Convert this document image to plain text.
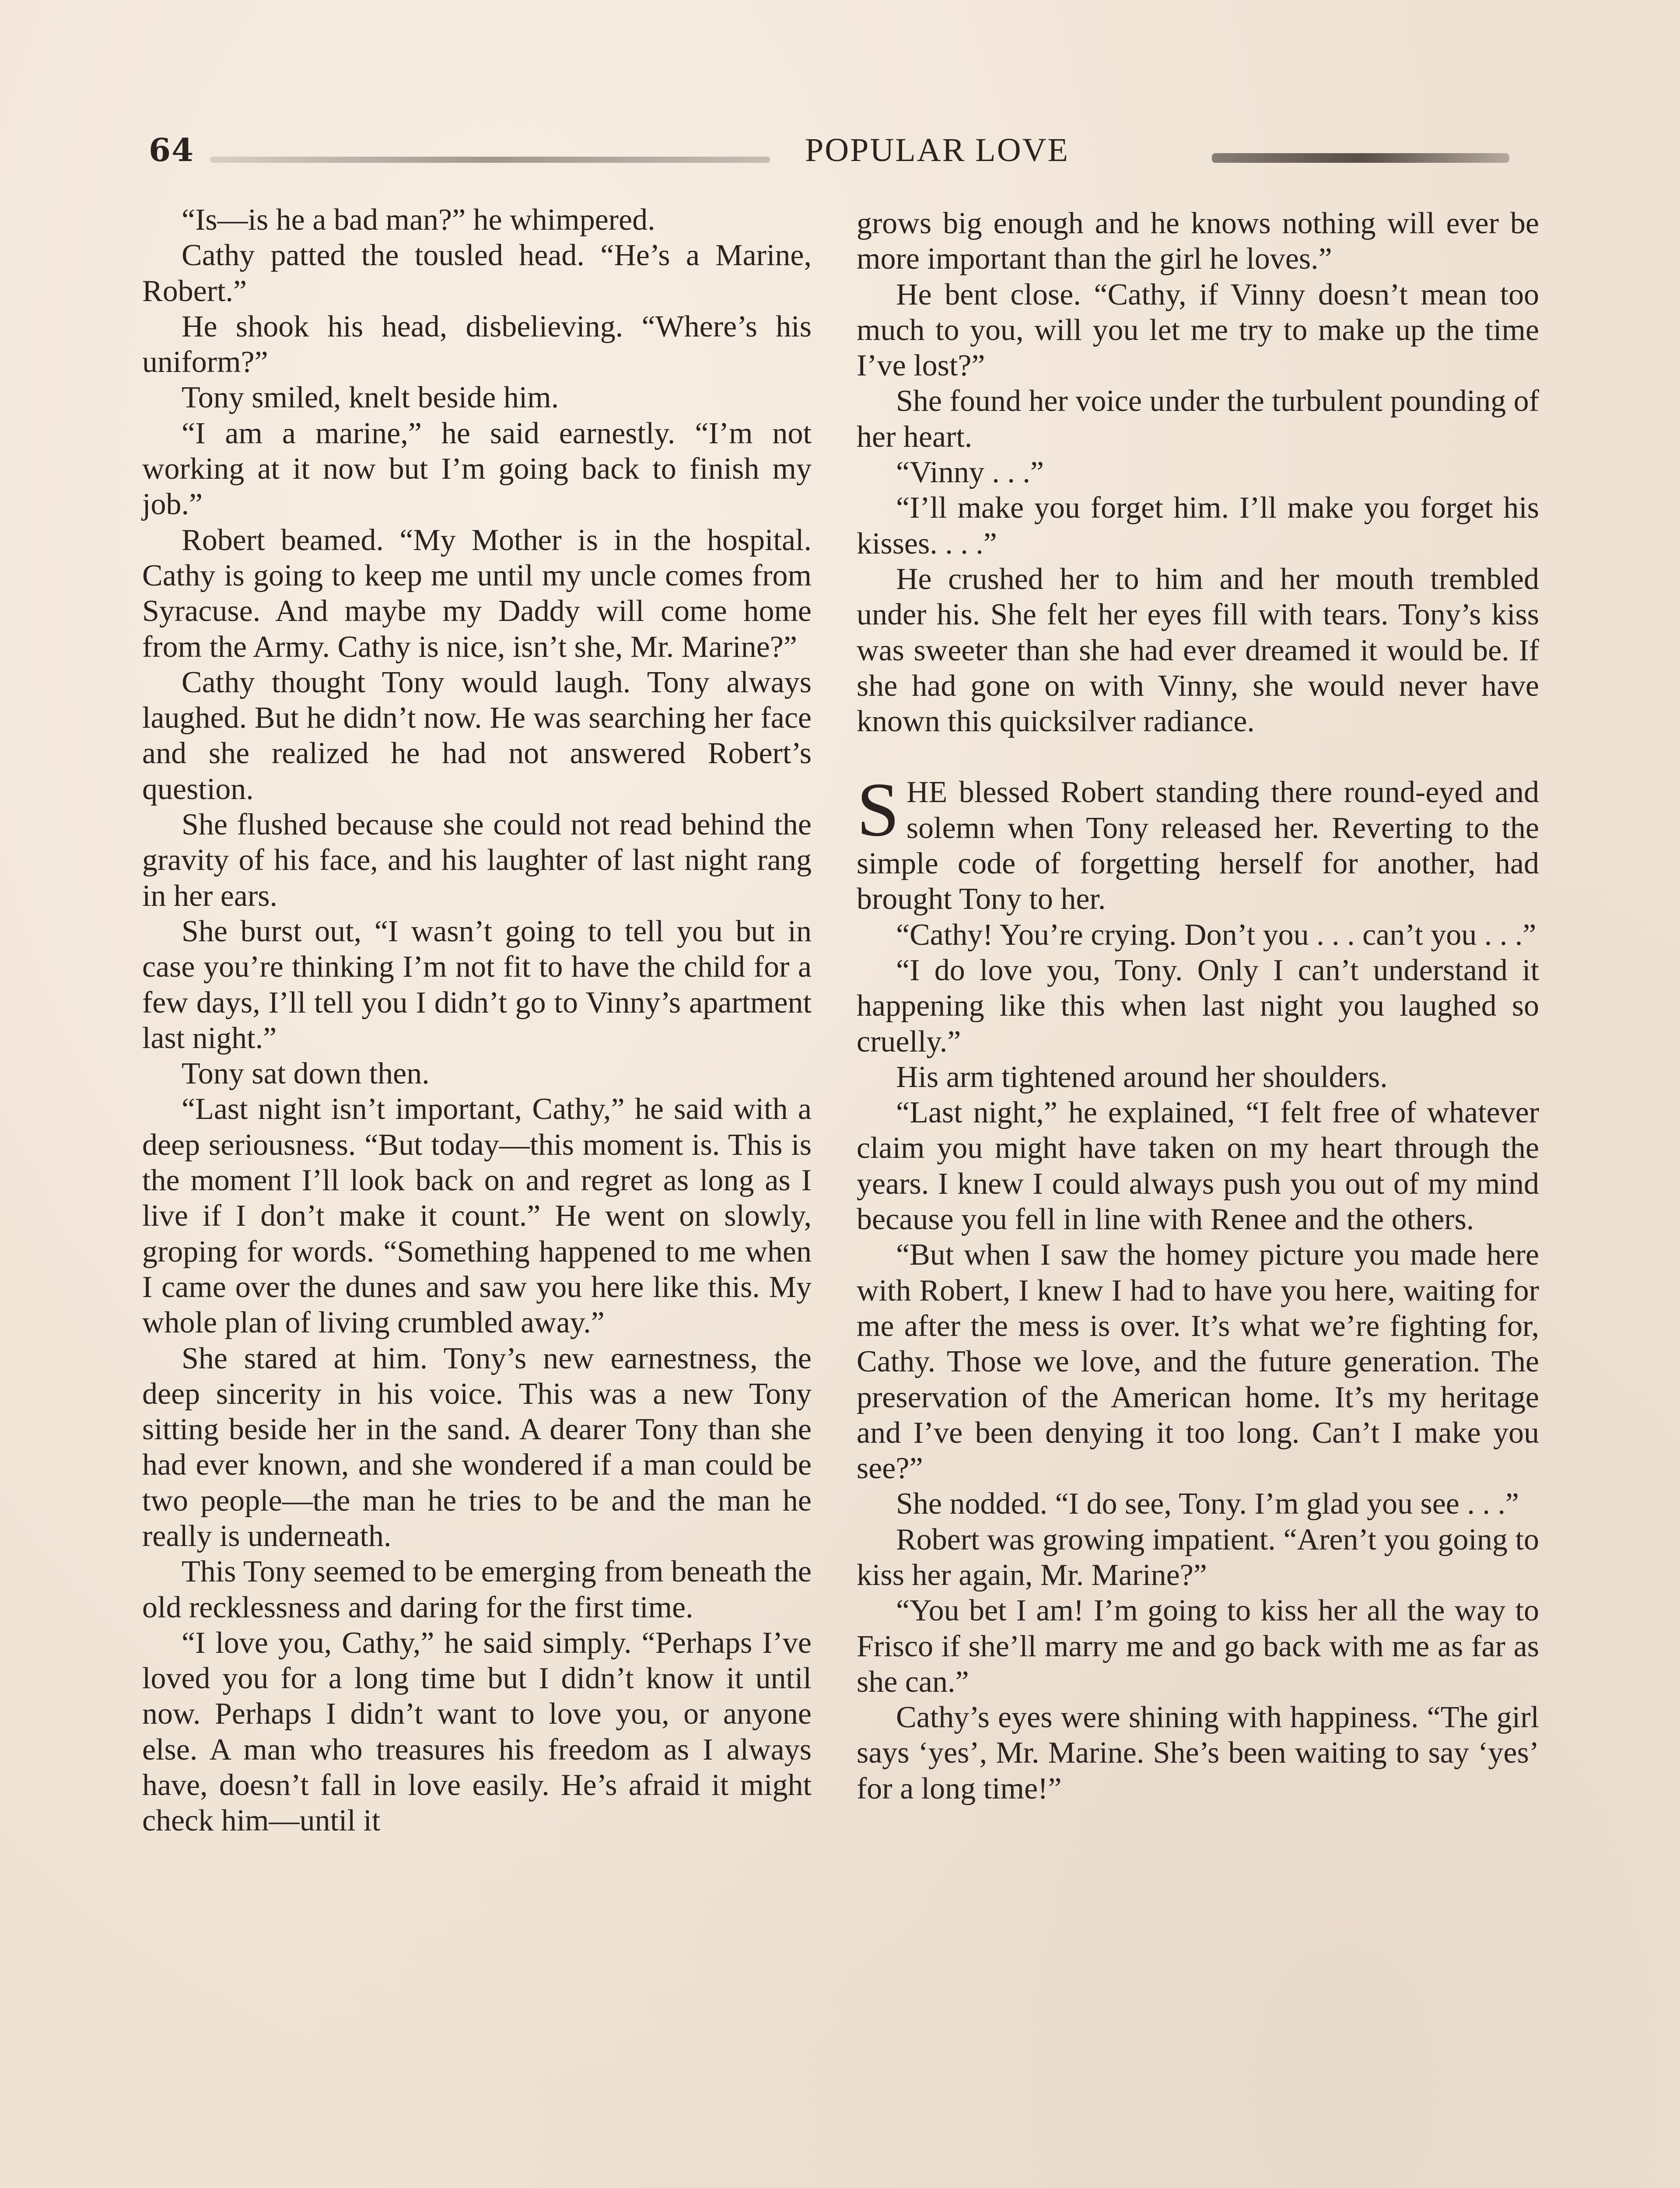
64	POPULAR LOVE

“Is—is he a bad man?” he whimpered.

Cathy patted the tousled head. “He’s a Marine, Robert.”

He shook his head, disbelieving. “Where’s his uniform?”

Tony smiled, knelt beside him.

“I am a marine,” he said earnestly. “I’m not working at it now but I’m going back to finish my job.”

Robert beamed. “My Mother is in the hospital. Cathy is going to keep me until my uncle comes from Syracuse. And maybe my Daddy will come home from the Army. Cathy is nice, isn’t she, Mr. Marine?”

Cathy thought Tony would laugh. Tony always laughed. But he didn’t now. He was searching her face and she realized he had not answered Robert’s question.

She flushed because she could not read behind the gravity of his face, and his laughter of last night rang in her ears.

She burst out, “I wasn’t going to tell you but in case you’re thinking I’m not fit to have the child for a few days, I’ll tell you I didn’t go to Vinny’s apartment last night.”

Tony sat down then.

“Last night isn’t important, Cathy,” he said with a deep seriousness. “But today—this moment is. This is the moment I’ll look back on and regret as long as I live if I don’t make it count.” He went on slowly, groping for words. “Something happened to me when I came over the dunes and saw you here like this. My whole plan of living crumbled away.”

She stared at him. Tony’s new earnestness, the deep sincerity in his voice. This was a new Tony sitting beside her in the sand. A dearer Tony than she had ever known, and she wondered if a man could be two people—the man he tries to be and the man he really is underneath.

This Tony seemed to be emerging from beneath the old recklessness and daring for the first time.

“I love you, Cathy,” he said simply. “Perhaps I’ve loved you for a long time but I didn’t know it until now. Perhaps I didn’t want to love you, or anyone else. A man who treasures his freedom as I always have, doesn’t fall in love easily. He’s afraid it might check him—until it

grows big enough and he knows nothing will ever be more important than the girl he loves.”

He bent close. “Cathy, if Vinny doesn’t mean too much to you, will you let me try to make up the time I’ve lost?”

She found her voice under the turbulent pounding of her heart.

“Vinny . . .”

“I’ll make you forget him. I’ll make you forget his kisses. . . .”

He crushed her to him and her mouth trembled under his. She felt her eyes fill with tears. Tony’s kiss was sweeter than she had ever dreamed it would be. If she had gone on with Vinny, she would never have known this quicksilver radiance.

SHE blessed Robert standing there round-eyed and solemn when Tony released her. Reverting to the simple code of forgetting herself for another, had brought Tony to her.

“Cathy! You’re crying. Don’t you . . . can’t you . . .”

“I do love you, Tony. Only I can’t understand it happening like this when last night you laughed so cruelly.”

His arm tightened around her shoulders.

“Last night,” he explained, “I felt free of whatever claim you might have taken on my heart through the years. I knew I could always push you out of my mind because you fell in line with Renee and the others.

“But when I saw the homey picture you made here with Robert, I knew I had to have you here, waiting for me after the mess is over. It’s what we’re fighting for, Cathy. Those we love, and the future generation. The preservation of the American home. It’s my heritage and I’ve been denying it too long. Can’t I make you see?”

She nodded. “I do see, Tony. I’m glad you see . . .”

Robert was growing impatient. “Aren’t you going to kiss her again, Mr. Marine?”

“You bet I am! I’m going to kiss her all the way to Frisco if she’ll marry me and go back with me as far as she can.”

Cathy’s eyes were shining with happiness. “The girl says ‘yes’, Mr. Marine. She’s been waiting to say ‘yes’ for a long time!”
